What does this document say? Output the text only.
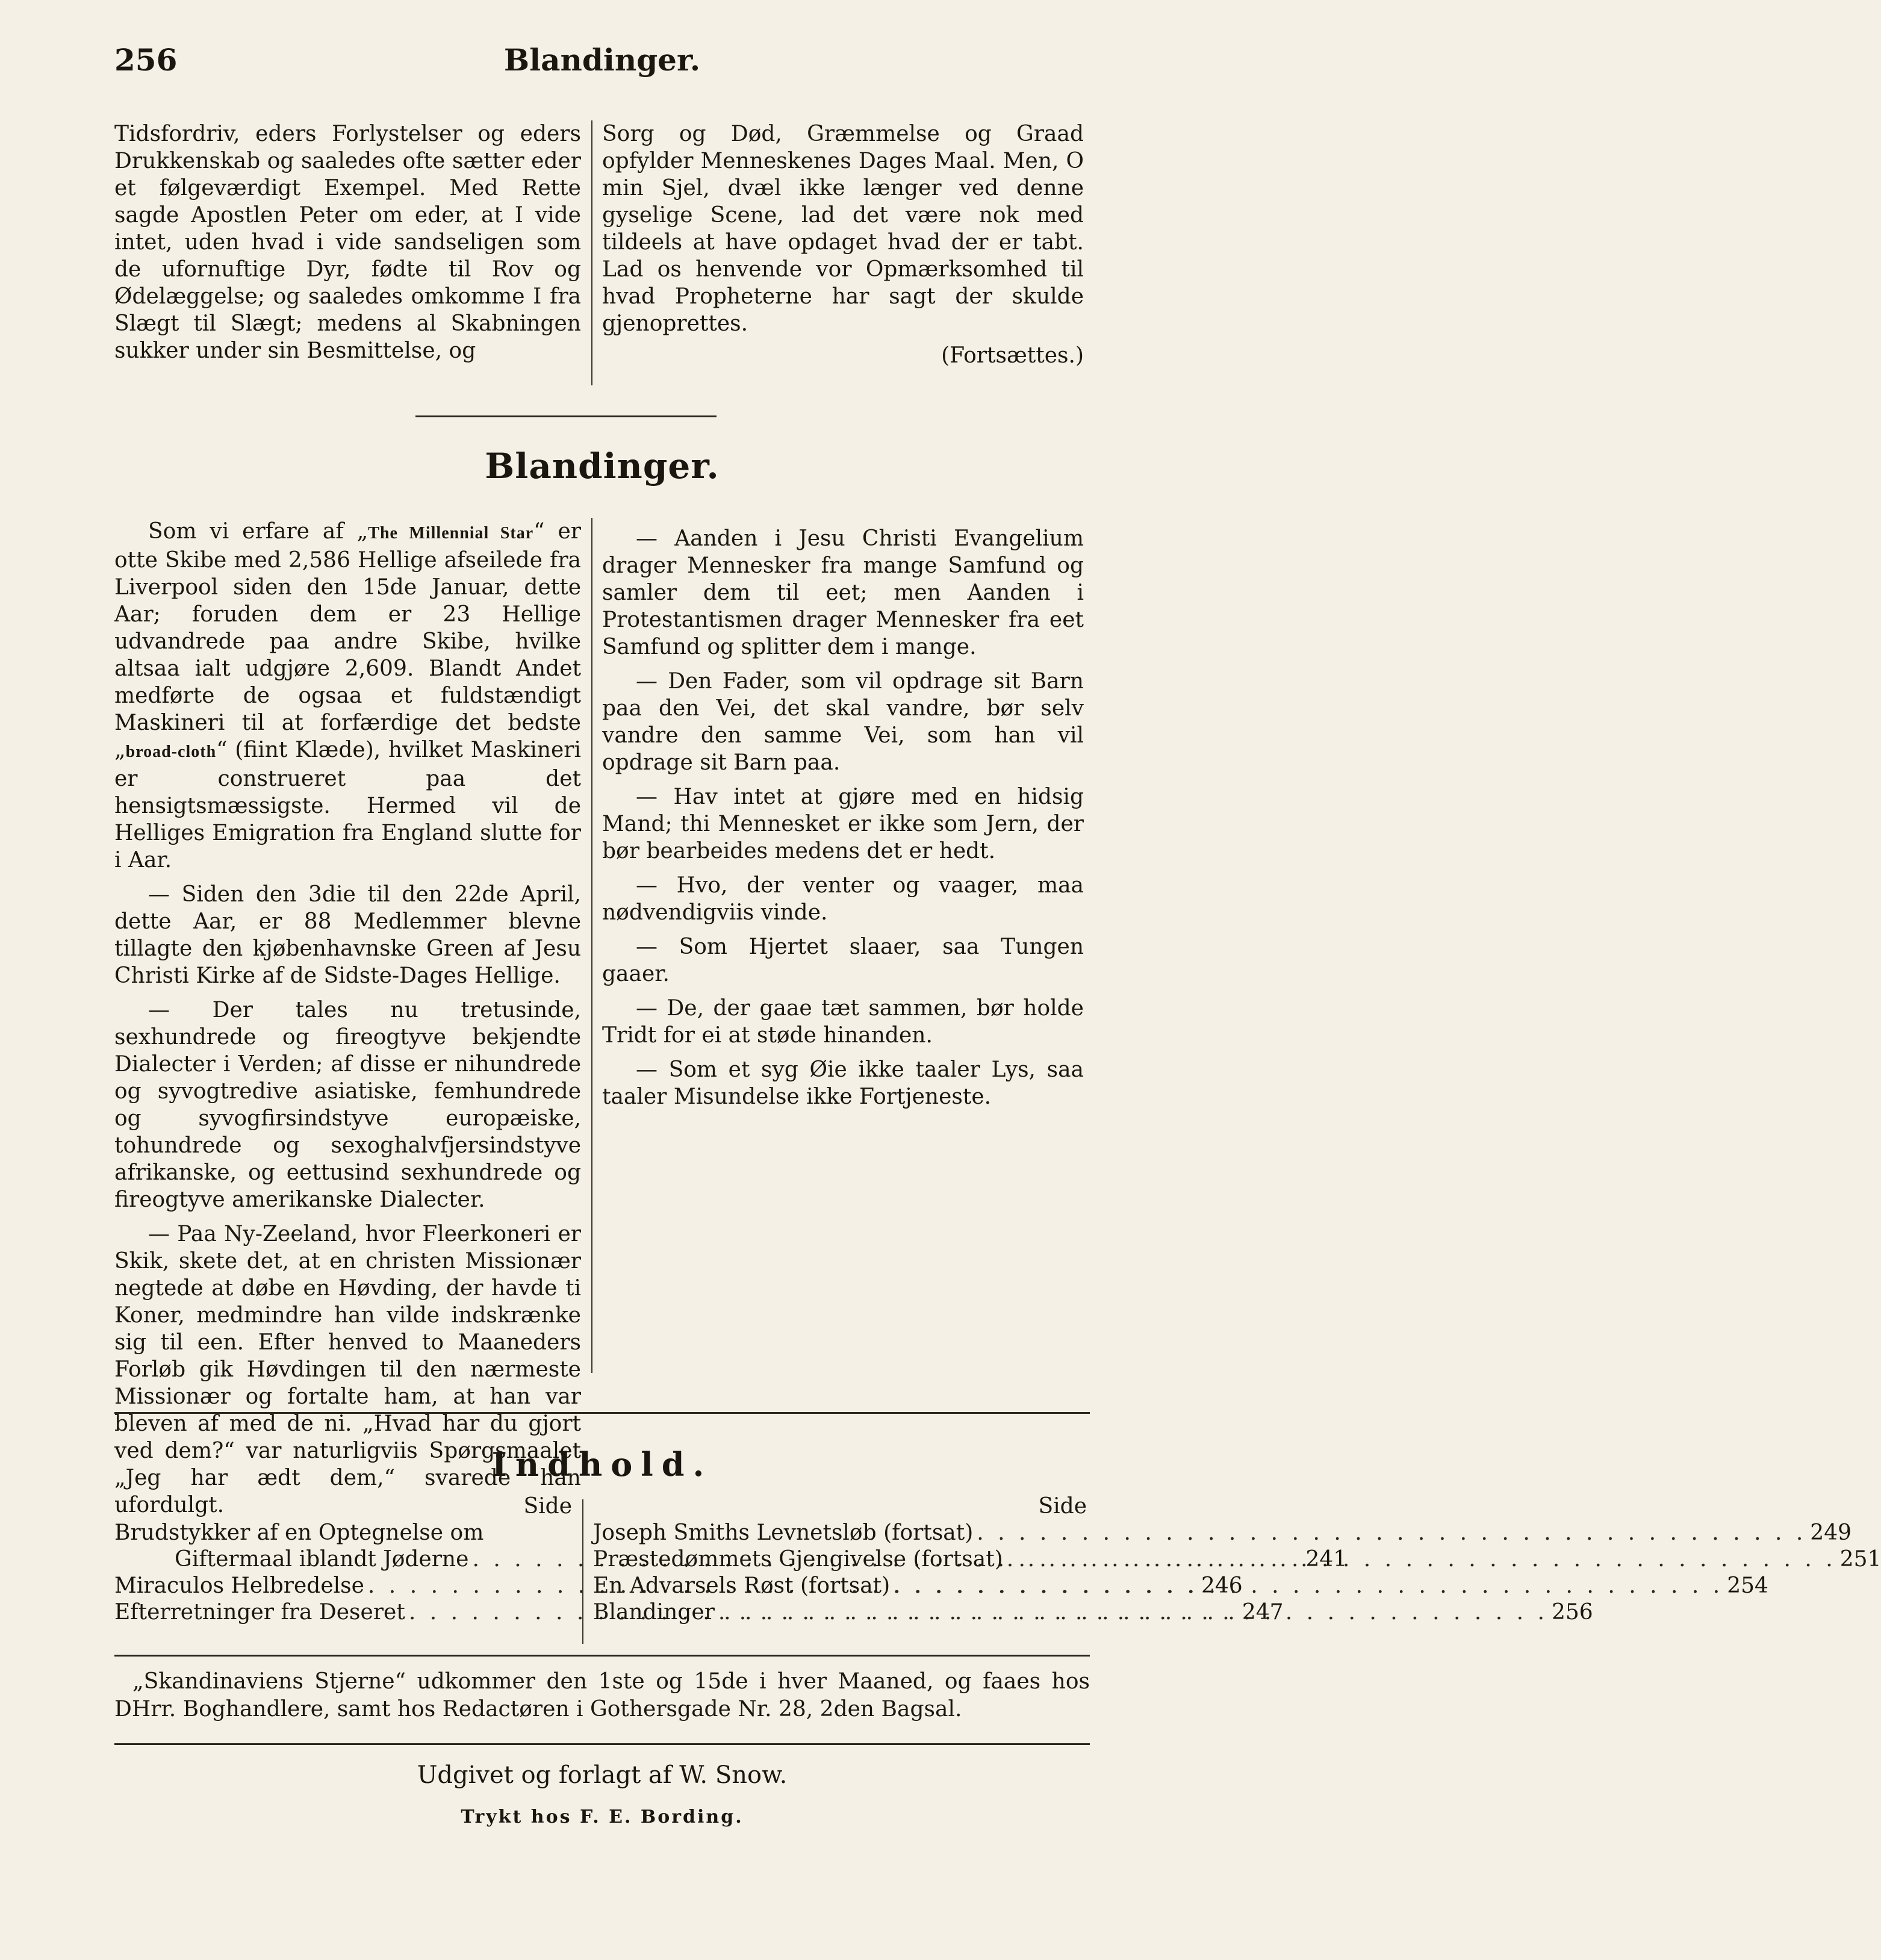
256	Blandinger.

Tidsfordriv, eders Forlystelser og eders Drukkenskab og saaledes ofte sætter eder et følgeværdigt Exempel. Med Rette sagde Apostlen Peter om eder, at I vide intet, uden hvad i vide sandseligen som de ufornuftige Dyr, fødte til Rov og Ødelæggelse; og saaledes omkomme I fra Slægt til Slægt; medens al Skabningen sukker under sin Besmittelse, og

Sorg og Død, Græmmelse og Graad opfylder Menneskenes Dages Maal. Men, O min Sjel, dvæl ikke længer ved denne gyselige Scene, lad det være nok med tildeels at have opdaget hvad der er tabt. Lad os henvende vor Opmærksomhed til hvad Propheterne har sagt der skulde gjenoprettes.

(Fortsættes.)

Blandinger.

Som vi erfare af „The Millennial Star“ er otte Skibe med 2,586 Hellige afseilede fra Liverpool siden den 15de Januar, dette Aar; foruden dem er 23 Hellige udvandrede paa andre Skibe, hvilke altsaa ialt udgjøre 2,609. Blandt Andet medførte de ogsaa et fuldstændigt Maskineri til at forfærdige det bedste „broad-cloth“ (fiint Klæde), hvilket Maskineri er construeret paa det hensigtsmæssigste. Hermed vil de Helliges Emigration fra England slutte for i Aar.

— Siden den 3die til den 22de April, dette Aar, er 88 Medlemmer blevne tillagte den kjøbenhavnske Green af Jesu Christi Kirke af de Sidste-Dages Hellige.

— Der tales nu tretusinde, sexhundrede og fireogtyve bekjendte Dialecter i Verden; af disse er nihundrede og syvogtredive asiatiske, femhundrede og syvogfirsindstyve europæiske, tohundrede og sexoghalvfjersindstyve afrikanske, og eettusind sexhundrede og fireogtyve amerikanske Dialecter.

— Paa Ny-Zeeland, hvor Fleerkoneri er Skik, skete det, at en christen Missionær negtede at døbe en Høvding, der havde ti Koner, medmindre han vilde indskrænke sig til een. Efter henved to Maaneders Forløb gik Høvdingen til den nærmeste Missionær og fortalte ham, at han var bleven af med de ni. „Hvad har du gjort ved dem?“ var naturligviis Spørgsmaalet „Jeg har ædt dem,“ svarede han ufordulgt.

— Aanden i Jesu Christi Evangelium drager Mennesker fra mange Samfund og samler dem til eet; men Aanden i Protestantismen drager Mennesker fra eet Samfund og splitter dem i mange.

— Den Fader, som vil opdrage sit Barn paa den Vei, det skal vandre, bør selv vandre den samme Vei, som han vil opdrage sit Barn paa.

— Hav intet at gjøre med en hidsig Mand; thi Mennesket er ikke som Jern, der bør bearbeides medens det er hedt.

— Hvo, der venter og vaager, maa nødvendigviis vinde.

— Som Hjertet slaaer, saa Tungen gaaer.

— De, der gaae tæt sammen, bør holde Tridt for ei at støde hinanden.

— Som et syg Øie ikke taaler Lys, saa taaler Misundelse ikke Fortjeneste.

Indhold.
Side
Brudstykker af en Optegnelse om
Giftermaal iblandt Jøderne . . .	241
Miraculos Helbredelse . . .	246
Efterretninger fra Deseret . . .	247
Side
Joseph Smiths Levnetsløb (fortsat) . . .	249
Præstedømmets Gjengivelse (fortsat) . . .	251
En Advarsels Røst (fortsat) . . .	254
Blandinger . . .	256
„Skandinaviens Stjerne“ udkommer den 1ste og 15de i hver Maaned, og faaes hos DHrr. Boghandlere, samt hos Redactøren i Gothersgade Nr. 28, 2den Bagsal.
Udgivet og forlagt af W. Snow.
Trykt hos F. E. Bording.
